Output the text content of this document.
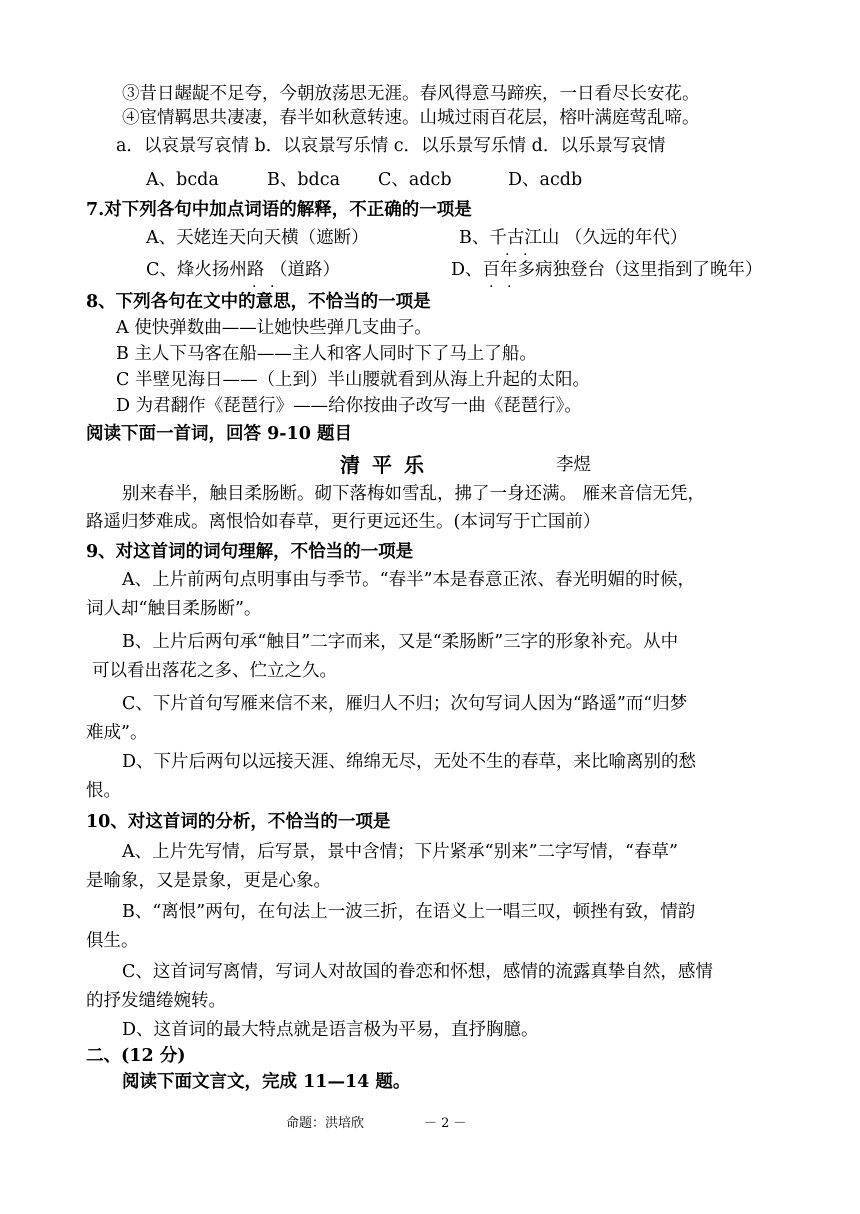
③昔日龌龊不足夸，今朝放荡思无涯。春风得意马蹄疾，一日看尽长安花。
④宦情羁思共凄凄，春半如秋意转速。山城过雨百花层，榕叶满庭莺乱啼。
a．以哀景写哀情 b．以哀景写乐情 c．以乐景写乐情 d．以乐景写哀情
A、bcda	B、bdca C、adcb	D、acdb
7.对下列各句中加点词语的解释，不正确的一项是
A、天姥连天向天横（遮断）	B、千古江山 （久远的年代）
· ·
C、烽火扬州路 （道路）	D、百年多病独登台（这里指到了晚年）
· ·	· ·
8、下列各句在文中的意思，不恰当的一项是
A 使快弹数曲——让她快些弹几支曲子。
B 主人下马客在船——主人和客人同时下了马上了船。
C 半壁见海日——（上到）半山腰就看到从海上升起的太阳。
D 为君翻作《琵琶行》——给你按曲子改写一曲《琵琶行》。
阅读下面一首词，回答 9-10 题目
清平乐	李煜
别来春半，触目柔肠断。砌下落梅如雪乱，拂了一身还满。 雁来音信无凭，
路遥归梦难成。离恨恰如春草，更行更远还生。(本词写于亡国前）
9、对这首词的词句理解，不恰当的一项是
A、上片前两句点明事由与季节。“春半”本是春意正浓、春光明媚的时候，
词人却“触目柔肠断”。
B、上片后两句承“触目”二字而来，又是“柔肠断”三字的形象补充。从中
可以看出落花之多、伫立之久。
C、下片首句写雁来信不来，雁归人不归；次句写词人因为“路遥”而“归梦
难成”。
D、下片后两句以远接天涯、绵绵无尽，无处不生的春草，来比喻离别的愁
恨。
10、对这首词的分析，不恰当的一项是
A、上片先写情，后写景，景中含情；下片紧承“别来”二字写情，“春草”
是喻象，又是景象，更是心象。
B、“离恨”两句，在句法上一波三折，在语义上一唱三叹，顿挫有致，情韵
俱生。
C、这首词写离情，写词人对故国的眷恋和怀想，感情的流露真挚自然，感情
的抒发缱绻婉转。
D、这首词的最大特点就是语言极为平易，直抒胸臆。
二、(12 分)
阅读下面文言文，完成 11—14 题。
命题：洪培欣	－ 2 －
